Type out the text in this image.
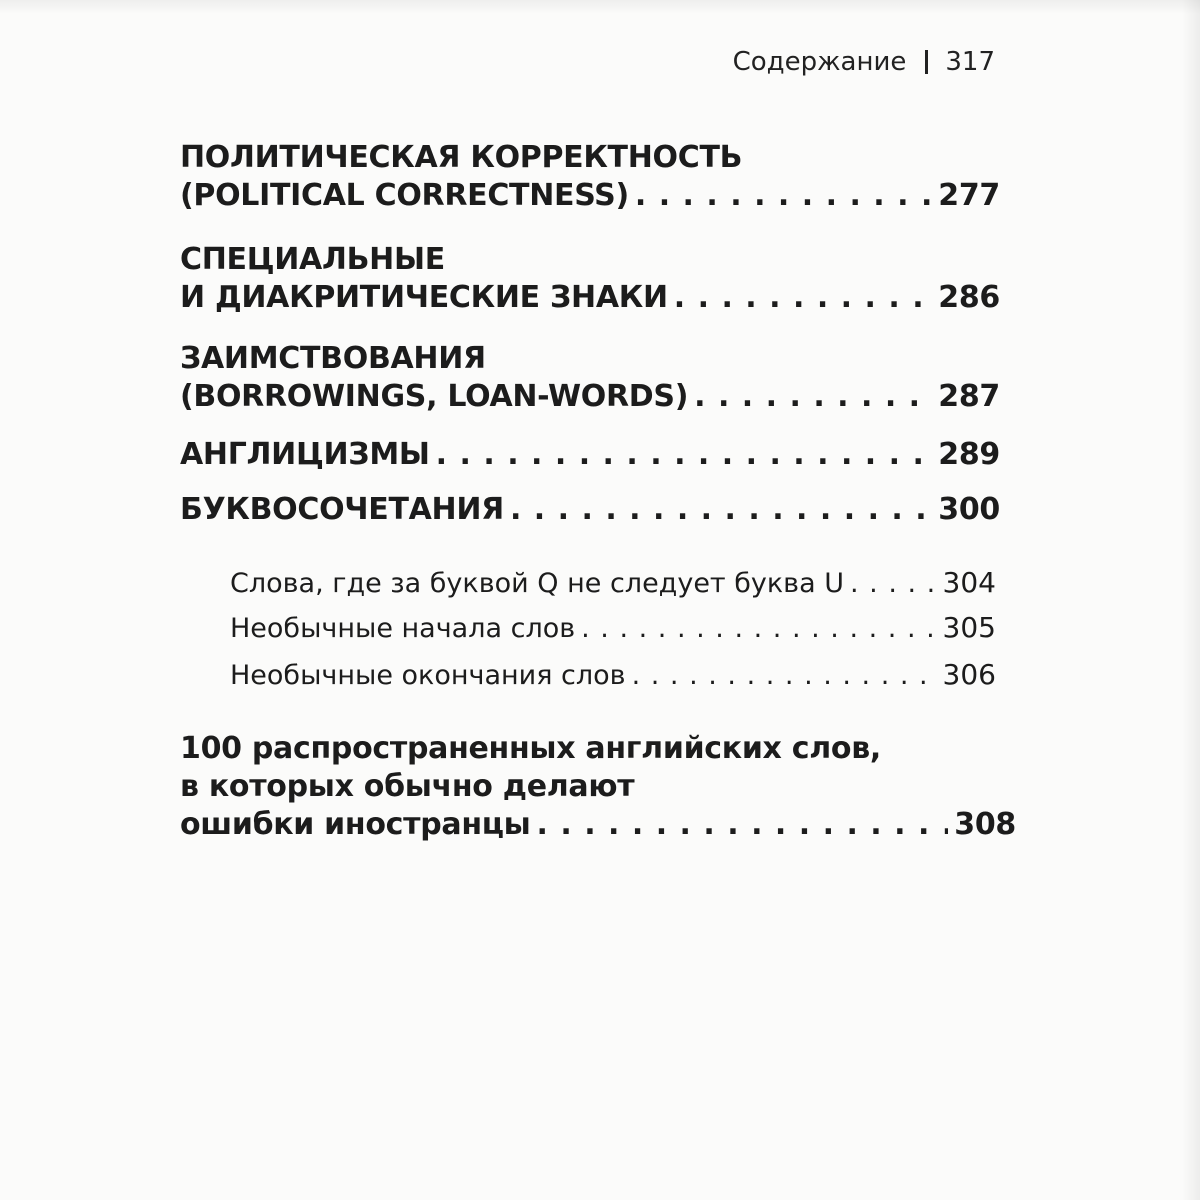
Содержание 317
ПОЛИТИЧЕСКАЯ КОРРЕКТНОСТЬ
(POLITICAL CORRECTNESS) . . .	277
СПЕЦИАЛЬНЫЕ
И ДИАКРИТИЧЕСКИЕ ЗНАКИ . . .	286
ЗАИМСТВОВАНИЯ
(BORROWINGS, LOAN-WORDS) . . .	287
АНГЛИЦИЗМЫ . . .	289
БУКВОСОЧЕТАНИЯ . . .	300
Слова, где за буквой Q не следует буква U . . .	304
Необычные начала слов . . .	305
Необычные окончания слов . . .	306
100 распространенных английских слов,
в которых обычно делают
ошибки иностранцы . . .	308
